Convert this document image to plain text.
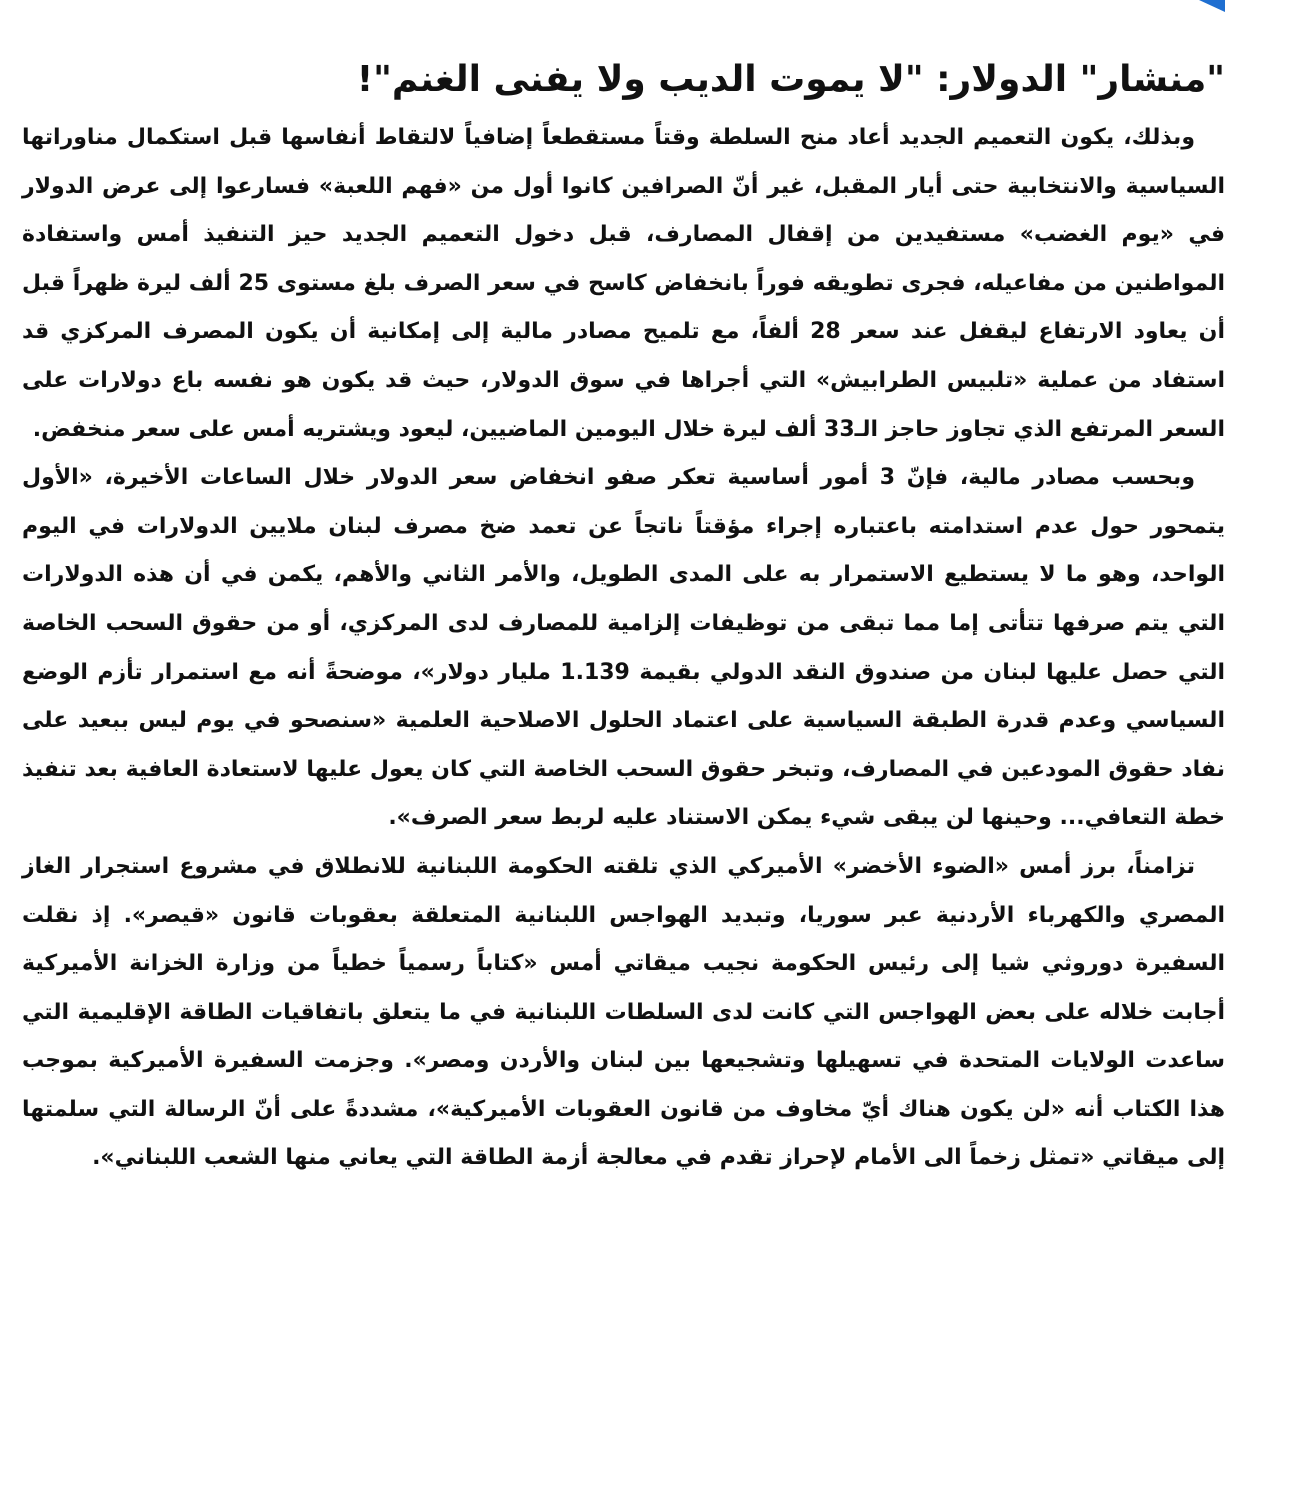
"منشار" الدولار: "لا يموت الديب ولا يفنى الغنم"!

وبذلك، يكون التعميم الجديد أعاد منح السلطة وقتاً مستقطعاً إضافياً لالتقاط أنفاسها قبل استكمال مناوراتها السياسية والانتخابية حتى أيار المقبل، غير أنّ الصرافين كانوا أول من «فهم اللعبة» فسارعوا إلى عرض الدولار في «يوم الغضب» مستفيدين من إقفال المصارف، قبل دخول التعميم الجديد حيز التنفيذ أمس واستفادة المواطنين من مفاعيله، فجرى تطويقه فوراً بانخفاض كاسح في سعر الصرف بلغ مستوى 25 ألف ليرة ظهراً قبل أن يعاود الارتفاع ليقفل عند سعر 28 ألفاً، مع تلميح مصادر مالية إلى إمكانية أن يكون المصرف المركزي قد استفاد من عملية «تلبيس الطرابيش» التي أجراها في سوق الدولار، حيث قد يكون هو نفسه باع دولارات على السعر المرتفع الذي تجاوز حاجز الـ33 ألف ليرة خلال اليومين الماضيين، ليعود ويشتريه أمس على سعر منخفض.

وبحسب مصادر مالية، فإنّ 3 أمور أساسية تعكر صفو انخفاض سعر الدولار خلال الساعات الأخيرة، «الأول يتمحور حول عدم استدامته باعتباره إجراء مؤقتاً ناتجاً عن تعمد ضخ مصرف لبنان ملايين الدولارات في اليوم الواحد، وهو ما لا يستطيع الاستمرار به على المدى الطويل، والأمر الثاني والأهم، يكمن في أن هذه الدولارات التي يتم صرفها تتأتى إما مما تبقى من توظيفات إلزامية للمصارف لدى المركزي، أو من حقوق السحب الخاصة التي حصل عليها لبنان من صندوق النقد الدولي بقيمة 1.139 مليار دولار»، موضحةً أنه مع استمرار تأزم الوضع السياسي وعدم قدرة الطبقة السياسية على اعتماد الحلول الاصلاحية العلمية «سنصحو في يوم ليس ببعيد على نفاد حقوق المودعين في المصارف، وتبخر حقوق السحب الخاصة التي كان يعول عليها لاستعادة العافية بعد تنفيذ خطة التعافي... وحينها لن يبقى شيء يمكن الاستناد عليه لربط سعر الصرف».

تزامناً، برز أمس «الضوء الأخضر» الأميركي الذي تلقته الحكومة اللبنانية للانطلاق في مشروع استجرار الغاز المصري والكهرباء الأردنية عبر سوريا، وتبديد الهواجس اللبنانية المتعلقة بعقوبات قانون «قيصر». إذ نقلت السفيرة دوروثي شيا إلى رئيس الحكومة نجيب ميقاتي أمس «كتاباً رسمياً خطياً من وزارة الخزانة الأميركية أجابت خلاله على بعض الهواجس التي كانت لدى السلطات اللبنانية في ما يتعلق باتفاقيات الطاقة الإقليمية التي ساعدت الولايات المتحدة في تسهيلها وتشجيعها بين لبنان والأردن ومصر». وجزمت السفيرة الأميركية بموجب هذا الكتاب أنه «لن يكون هناك أيّ مخاوف من قانون العقوبات الأميركية»، مشددةً على أنّ الرسالة التي سلمتها إلى ميقاتي «تمثل زخماً الى الأمام لإحراز تقدم في معالجة أزمة الطاقة التي يعاني منها الشعب اللبناني».
